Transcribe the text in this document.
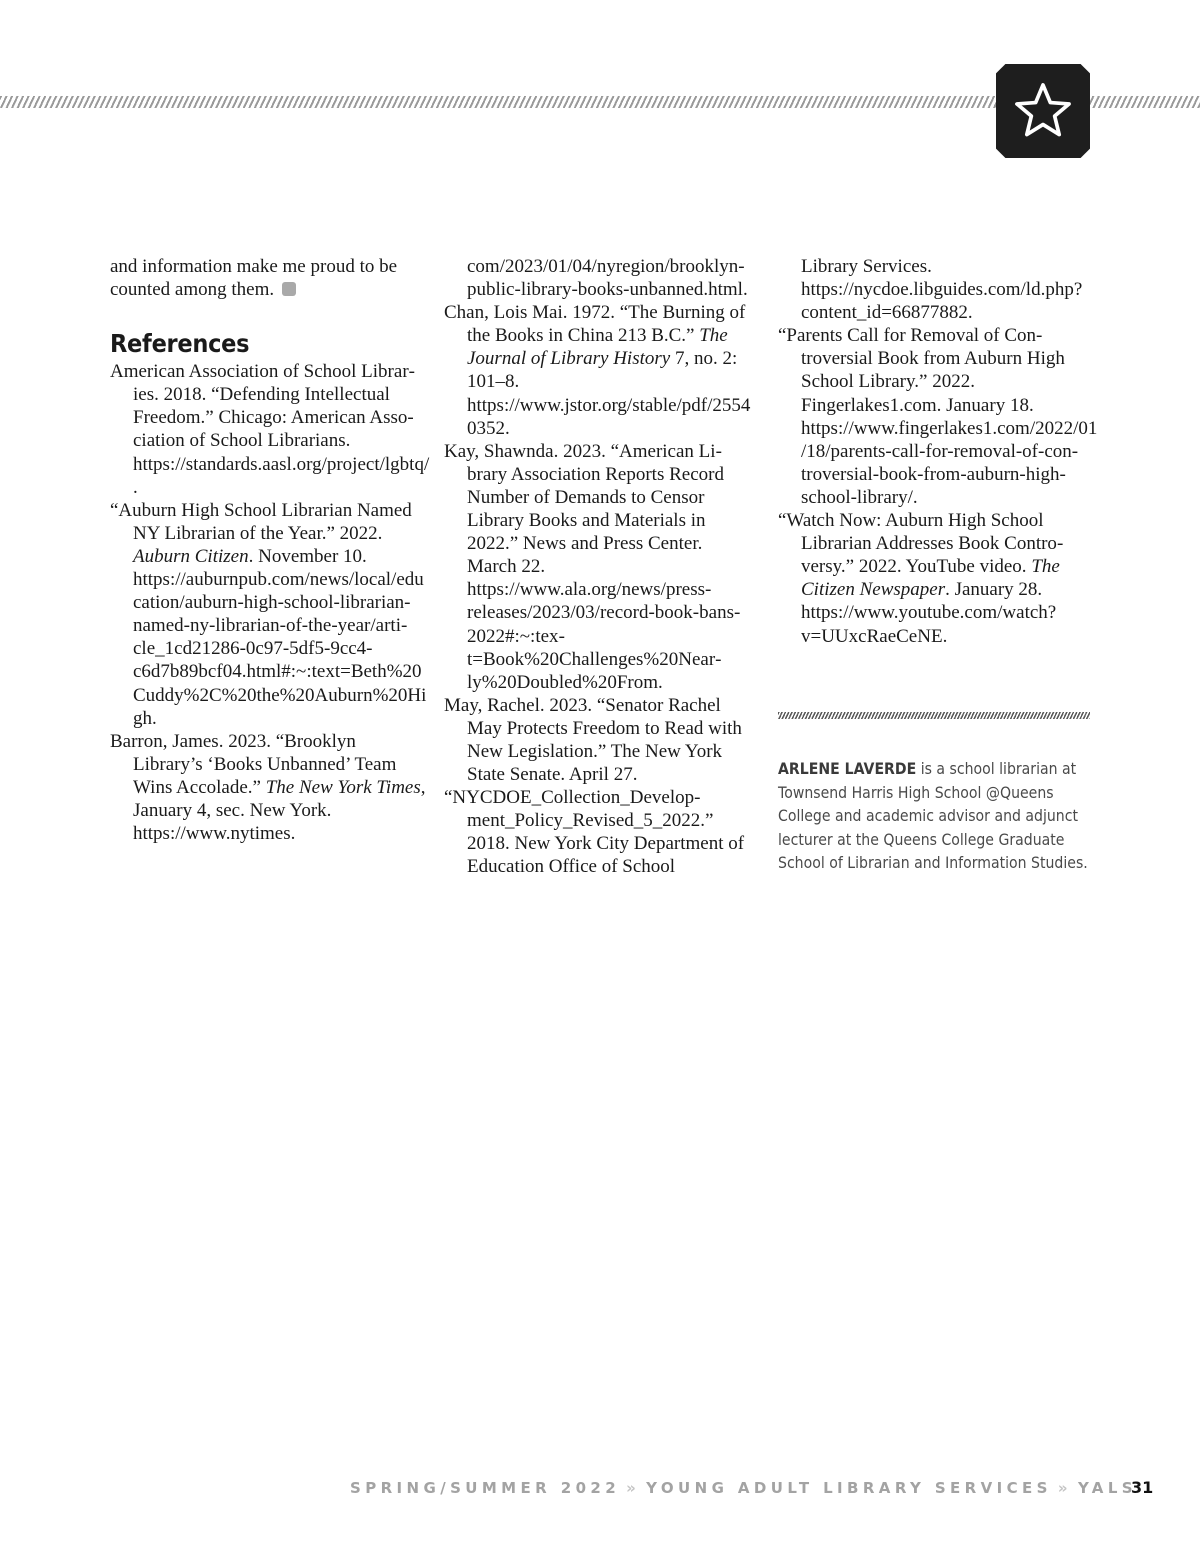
and information make me proud to be counted among them.

References

American Association of School Libraries. 2018. “Defending Intellectual Freedom.” Chicago: American Association of School Librarians. https://standards.aasl.org/project/lgbtq/.

“Auburn High School Librarian Named NY Librarian of the Year.” 2022. Auburn Citizen. November 10. https://auburnpub.com/news/local/education/auburn-high-school-librarian-named-ny-librarian-of-the-year/article_1cd21286-0c97-5df5-9cc4-c6d7b89bcf04.html#:~:text=Beth%20Cuddy%2C%20the%20Auburn%20High.

Barron, James. 2023. “Brooklyn Library’s ‘Books Unbanned’ Team Wins Accolade.” The New York Times, January 4, sec. New York. https://www.nytimes.

com/2023/01/04/nyregion/brooklyn-public-library-books-unbanned.html.

Chan, Lois Mai. 1972. “The Burning of the Books in China 213 B.C.” The Journal of Library History 7, no. 2: 101–8. https://www.jstor.org/stable/pdf/25540352.

Kay, Shawnda. 2023. “American Library Association Reports Record Number of Demands to Censor Library Books and Materials in 2022.” News and Press Center. March 22. https://www.ala.org/news/press-releases/2023/03/record-book-bans-2022#:~:text=Book%20Challenges%20Nearly%20Doubled%20From.

May, Rachel. 2023. “Senator Rachel May Protects Freedom to Read with New Legislation.” The New York State Senate. April 27.

“NYCDOE_Collection_Development_Policy_Revised_5_2022.” 2018. New York City Department of Education Office of School

Library Services. https://nycdoe.libguides.com/ld.php?content_id=66877882.

“Parents Call for Removal of Controversial Book from Auburn High School Library.” 2022. Fingerlakes1.com. January 18. https://www.fingerlakes1.com/2022/01/18/parents-call-for-removal-of-controversial-book-from-auburn-high-school-library/.

“Watch Now: Auburn High School Librarian Addresses Book Controversy.” 2022. YouTube video. The Citizen Newspaper. January 28. https://www.youtube.com/watch?v=UUxcRaeCeNE.

ARLENE LAVERDE is a school librarian at Townsend Harris High School @Queens College and academic advisor and adjunct lecturer at the Queens College Graduate School of Librarian and Information Studies.

SPRING/SUMMER 2022 » YOUNG ADULT LIBRARY SERVICES » YALS
31
